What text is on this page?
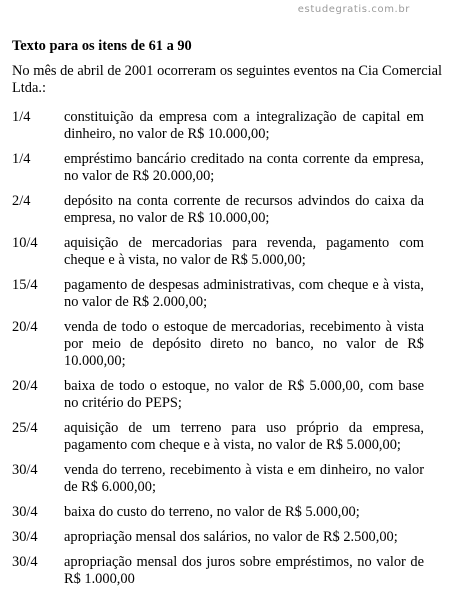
estudegratis.com.br

Texto para os itens de 61 a 90

No mês de abril de 2001 ocorreram os seguintes eventos na Cia Comercial Ltda.:

1/4	constituição da empresa com a integralização de capital em dinheiro, no valor de R$ 10.000,00;
1/4	empréstimo bancário creditado na conta corrente da empresa, no valor de R$ 20.000,00;
2/4	depósito na conta corrente de recursos advindos do caixa da empresa, no valor de R$ 10.000,00;
10/4	aquisição de mercadorias para revenda, pagamento com cheque e à vista, no valor de R$ 5.000,00;
15/4	pagamento de despesas administrativas, com cheque e à vista, no valor de R$ 2.000,00;
20/4	venda de todo o estoque de mercadorias, recebimento à vista por meio de depósito direto no banco, no valor de R$ 10.000,00;
20/4	baixa de todo o estoque, no valor de R$ 5.000,00, com base no critério do PEPS;
25/4	aquisição de um terreno para uso próprio da empresa, pagamento com cheque e à vista, no valor de R$ 5.000,00;
30/4	venda do terreno, recebimento à vista e em dinheiro, no valor de R$ 6.000,00;
30/4	baixa do custo do terreno, no valor de R$ 5.000,00;
30/4	apropriação mensal dos salários, no valor de R$ 2.500,00;
30/4	apropriação mensal dos juros sobre empréstimos, no valor de R$ 1.000,00
